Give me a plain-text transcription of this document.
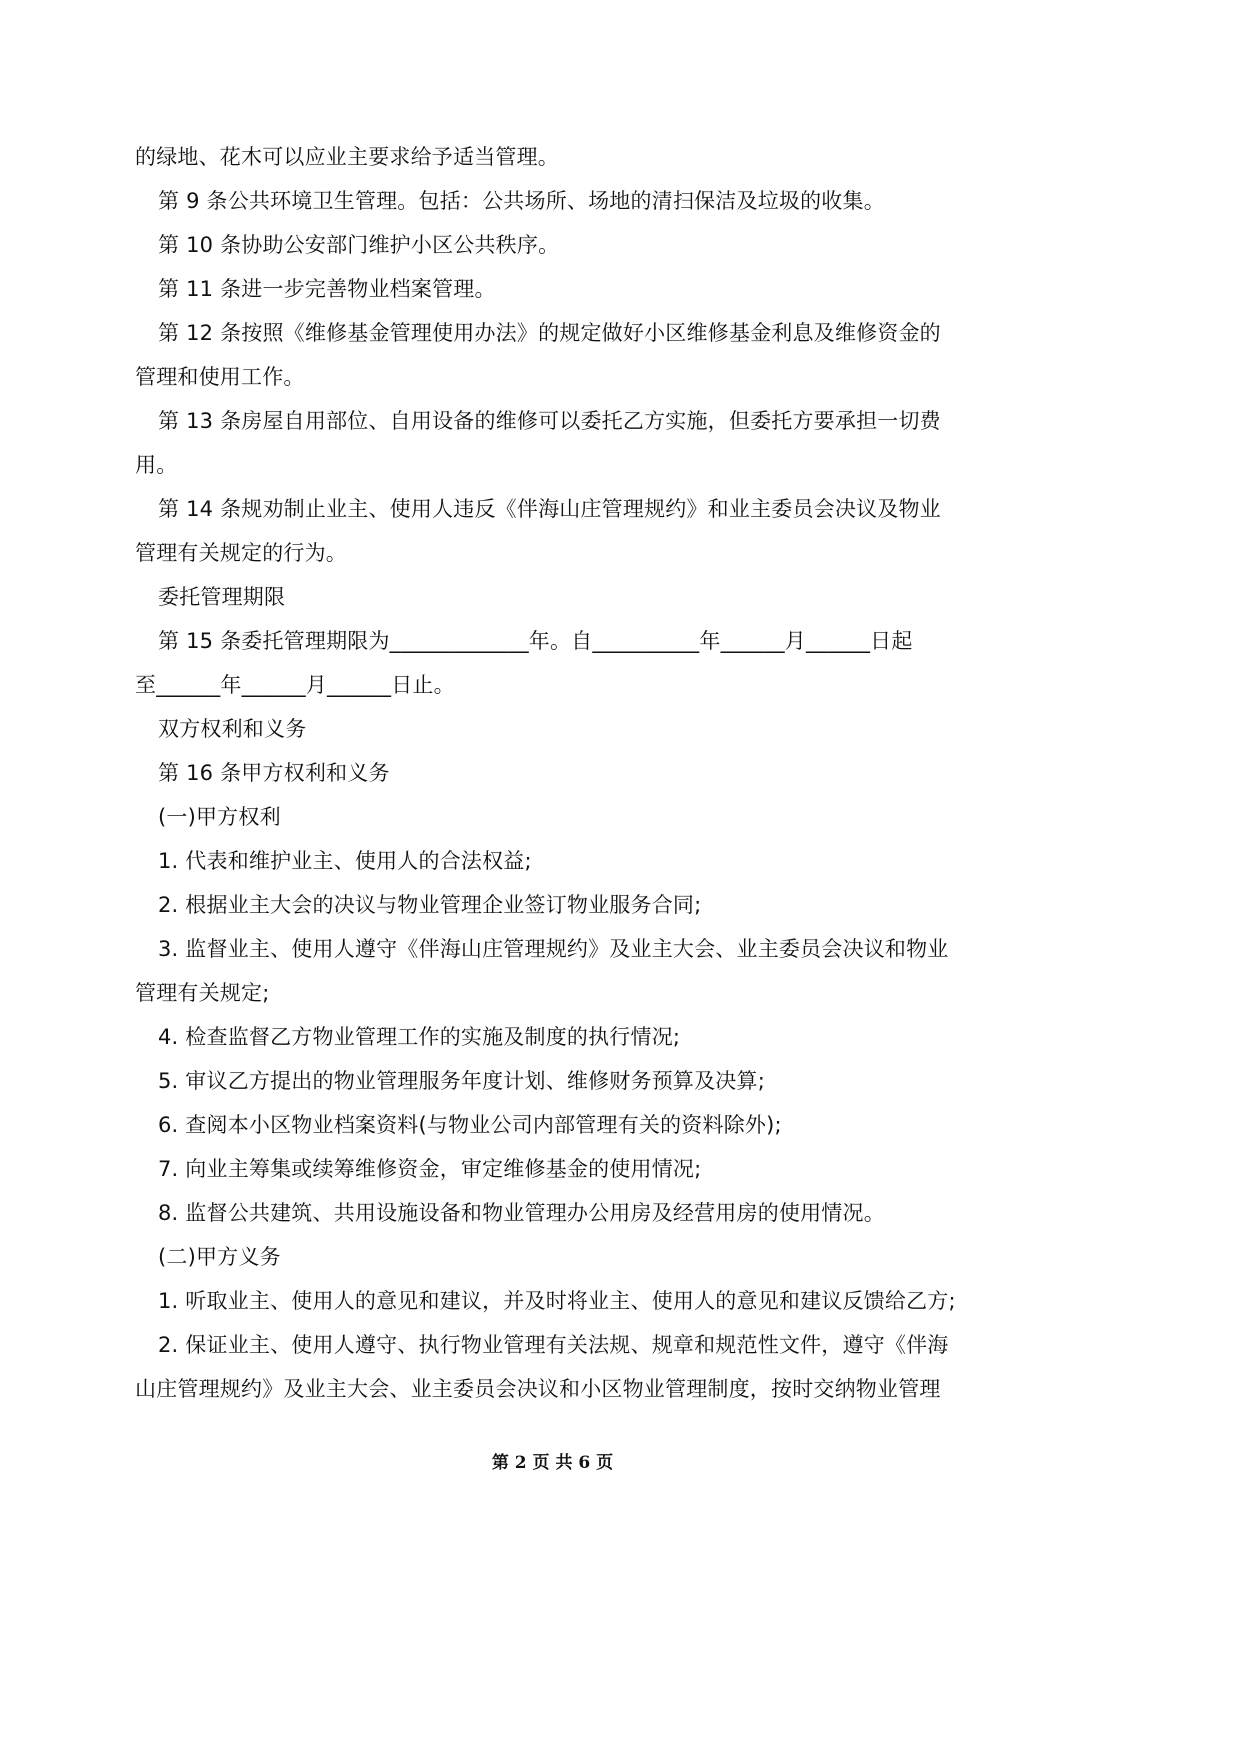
的绿地、花木可以应业主要求给予适当管理。
第 9 条公共环境卫生管理。包括：公共场所、场地的清扫保洁及垃圾的收集。
第 10 条协助公安部门维护小区公共秩序。
第 11 条进一步完善物业档案管理。
第 12 条按照《维修基金管理使用办法》的规定做好小区维修基金利息及维修资金的
管理和使用工作。
第 13 条房屋自用部位、自用设备的维修可以委托乙方实施，但委托方要承担一切费
用。
第 14 条规劝制止业主、使用人违反《伴海山庄管理规约》和业主委员会决议及物业
管理有关规定的行为。
委托管理期限
第 15 条委托管理期限为_____________年。自__________年______月______日起
至______年______月______日止。
双方权利和义务
第 16 条甲方权利和义务
(一)甲方权利
1. 代表和维护业主、使用人的合法权益;
2. 根据业主大会的决议与物业管理企业签订物业服务合同;
3. 监督业主、使用人遵守《伴海山庄管理规约》及业主大会、业主委员会决议和物业
管理有关规定;
4. 检查监督乙方物业管理工作的实施及制度的执行情况;
5. 审议乙方提出的物业管理服务年度计划、维修财务预算及决算;
6. 查阅本小区物业档案资料(与物业公司内部管理有关的资料除外);
7. 向业主筹集或续筹维修资金，审定维修基金的使用情况;
8. 监督公共建筑、共用设施设备和物业管理办公用房及经营用房的使用情况。
(二)甲方义务
1. 听取业主、使用人的意见和建议，并及时将业主、使用人的意见和建议反馈给乙方;
2. 保证业主、使用人遵守、执行物业管理有关法规、规章和规范性文件，遵守《伴海
山庄管理规约》及业主大会、业主委员会决议和小区物业管理制度，按时交纳物业管理
第 2 页 共 6 页
